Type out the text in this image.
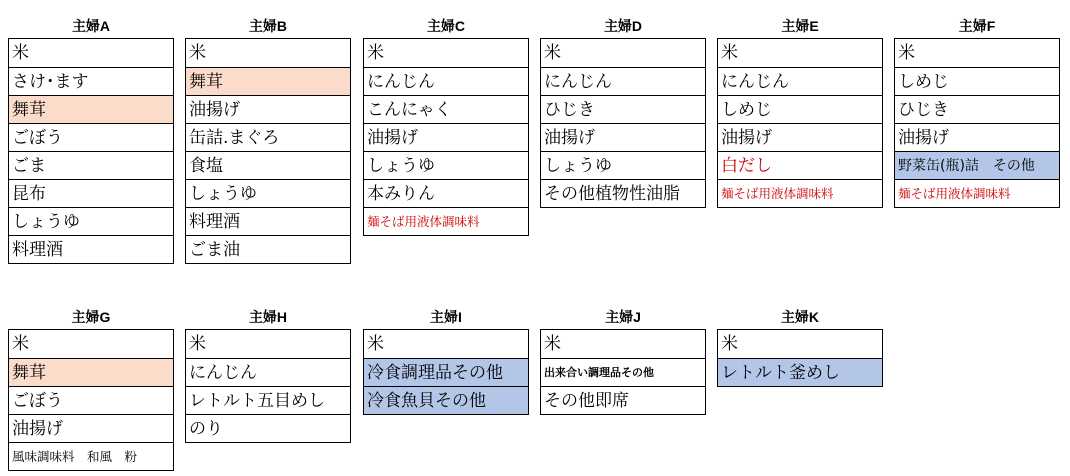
主婦A
米
さけ･ます
舞茸
ごぼう
ごま
昆布
しょうゆ
料理酒
主婦B
米
舞茸
油揚げ
缶詰.まぐろ
食塩
しょうゆ
料理酒
ごま油
主婦C
米
にんじん
こんにゃく
油揚げ
しょうゆ
本みりん
麺そば用液体調味料
主婦D
米
にんじん
ひじき
油揚げ
しょうゆ
その他植物性油脂
主婦E
米
にんじん
しめじ
油揚げ
白だし
麺そば用液体調味料
主婦F
米
しめじ
ひじき
油揚げ
野菜缶(瓶)詰　その他
麺そば用液体調味料
主婦G
米
舞茸
ごぼう
油揚げ
風味調味料　和風　粉
主婦H
米
にんじん
レトルト五目めし
のり
主婦I
米
冷食調理品その他
冷食魚貝その他
主婦J
米
出来合い調理品その他
その他即席
主婦K
米
レトルト釜めし
